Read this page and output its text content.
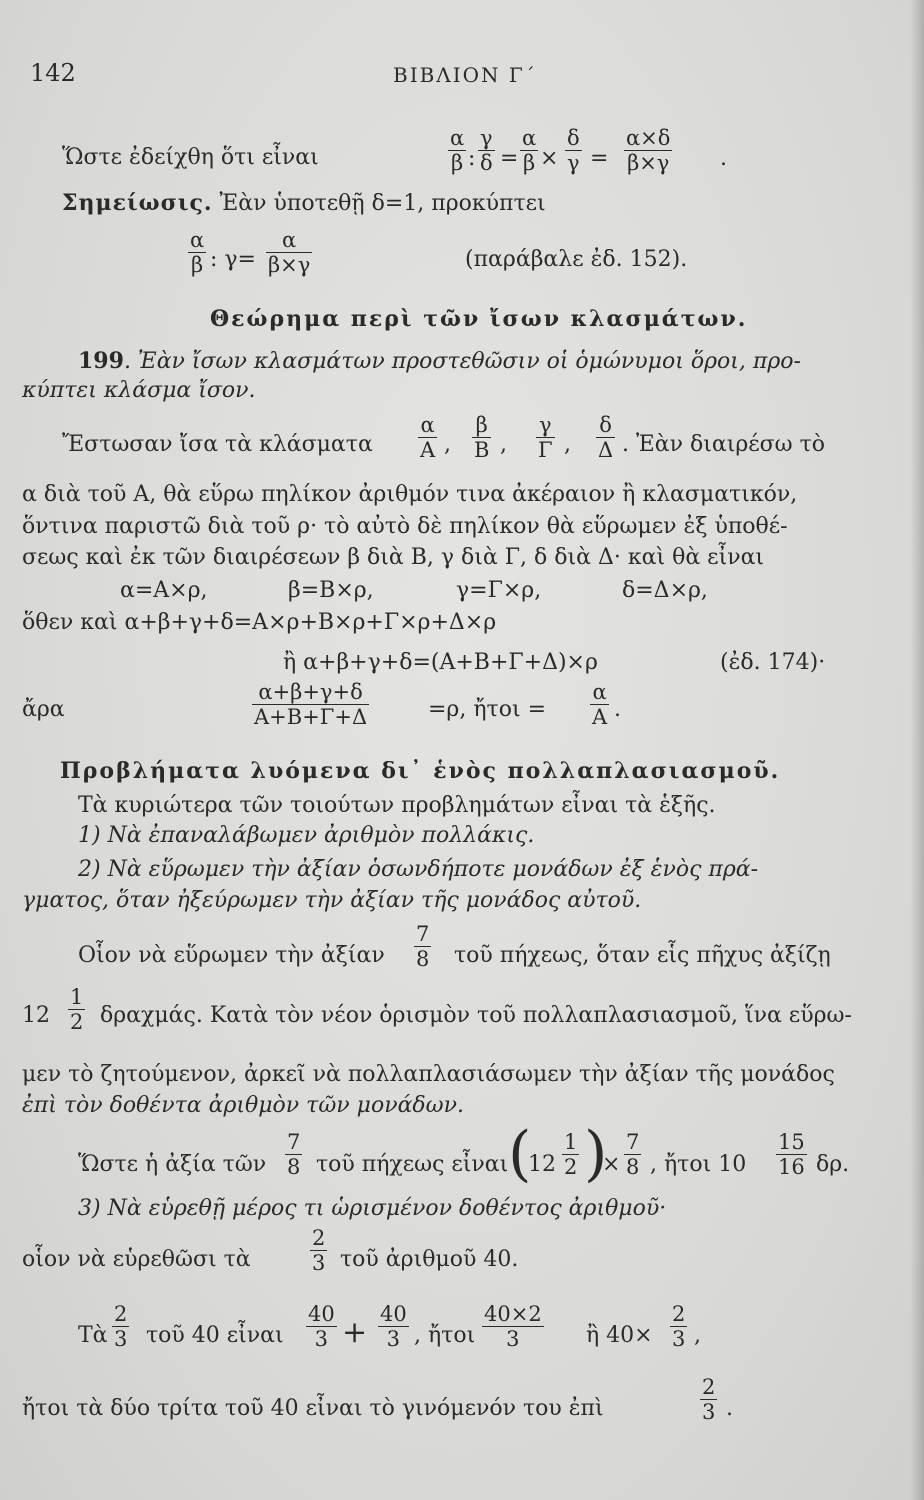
142	ΒΙΒΛΙΟΝ Γ΄
Ὥστε ἐδείχθη ὅτι εἶναι	$\frac{\alpha}{\beta}$ : $\frac{\gamma}{\delta} = \frac{\alpha}{\beta} \times \frac{\delta}{\gamma} = \frac{\alpha\times\delta}{\beta\times\gamma}$ .
Σημείωσις. Ἐὰν ὑποτεθῇ δ=1, προκύπτει
$\frac{\alpha}{\beta}$ : $\gamma= \frac{\alpha}{\beta\times\gamma}$	(παράβαλε ἐδ. 152).
Θεώρημα περὶ τῶν ἴσων κλασμάτων.
199. Ἐὰν ἴσων κλασμάτων προστεθῶσιν οἱ ὁμώνυμοι ὅροι, προ-
κύπτει κλάσμα ἴσον.
Ἔστωσαν ἴσα τὰ κλάσματα $\frac{\alpha}{A}$ , $\frac{\beta}{B}$ , $\frac{\gamma}{\Gamma}$ , $\frac{\delta}{\Delta}$ . Ἐὰν διαιρέσω τὸ
α διὰ τοῦ Α, θὰ εὕρω πηλίκον ἀριθμόν τινα ἀκέραιον ἢ κλασματικόν,
ὅντινα παριστῶ διὰ τοῦ ρ· τὸ αὐτὸ δὲ πηλίκον θὰ εὕρωμεν ἐξ ὑποθέ-
σεως καὶ ἐκ τῶν διαιρέσεων β διὰ Β, γ διὰ Γ, δ διὰ Δ· καὶ θὰ εἶναι
α=Α×ρ,	β=Β×ρ,	γ=Γ×ρ,	δ=Δ×ρ,
ὅθεν καὶ α+β+γ+δ=Α×ρ+Β×ρ+Γ×ρ+Δ×ρ
ἢ α+β+γ+δ=(Α+Β+Γ+Δ)×ρ	(ἐδ. 174)·
ἄρα	$\frac{\alpha+\beta+\gamma+\delta}{A+B+\Gamma+\Delta}$	=ρ, ἤτοι = $\frac{\alpha}{A}$ .
Προβλήματα λυόμενα δι᾽ ἑνὸς πολλαπλασιασμοῦ.
Τὰ κυριώτερα τῶν τοιούτων προβλημάτων εἶναι τὰ ἑξῆς.
1) Νὰ ἐπαναλάβωμεν ἀριθμὸν πολλάκις.
2) Νὰ εὕρωμεν τὴν ἀξίαν ὁσωνδήποτε μονάδων ἐξ ἑνὸς πρά-
γματος, ὅταν ἠξεύρωμεν τὴν ἀξίαν τῆς μονάδος αὐτοῦ.
Οἷον νὰ εὕρωμεν τὴν ἀξίαν $\frac{7}{8}$ τοῦ πήχεως, ὅταν εἷς πῆχυς ἀξίζῃ
$12 \frac{1}{2} \delta\rho\alpha\chi\mu ά\varsigma$. Κατὰ τὸν νέον ὁρισμὸν τοῦ πολλαπλασιασμοῦ, ἵνα εὕρω-
μεν τὸ ζητούμενον, ἀρκεῖ νὰ πολλαπλασιάσωμεν τὴν ἀξίαν τῆς μονάδος
ἐπὶ τὸν δοθέντα ἀριθμὸν τῶν μονάδων.
Ὥστε ἡ ἀξία τῶν $\frac{7}{8}$ τοῦ πήχεως εἶναι (
$12 \frac{1}{2}$ )
× $\frac{7}{8}$ , ἤτοι $10 \frac{15}{16} \delta\rho$.
3) Νὰ εὑρεθῇ μέρος τι ὡρισμένον δοθέντος ἀριθμοῦ·
οἷον νὰ εὑρεθῶσι τὰ	$\frac{2}{3}$ τοῦ ἀριθμοῦ 40.
Τὰ $\frac{2}{3}$ τοῦ 40 εἶναι $\frac{40}{3} + \frac{40}{3}$ , ἤτοι $\frac{40\times 2}{3}$ ἢ $40\times \frac{2}{3}$ ,
ἤτοι τὰ δύο τρίτα τοῦ 40 εἶναι τὸ γινόμενόν του ἐπὶ	$\frac{2}{3}$ .
